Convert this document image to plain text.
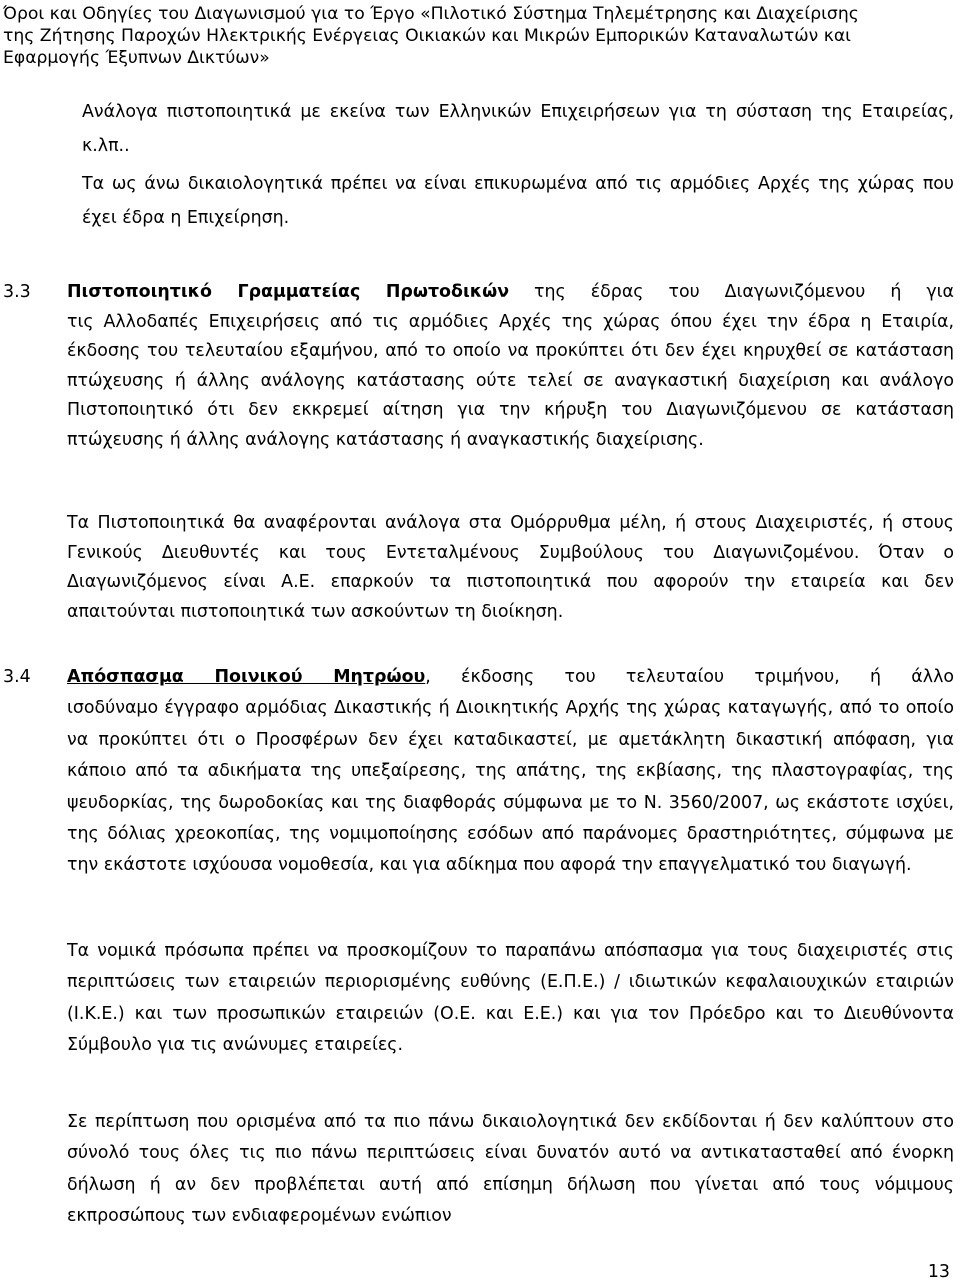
Όροι και Οδηγίες του Διαγωνισμού για το Έργο «Πιλοτικό Σύστημα Τηλεμέτρησης και Διαχείρισης
της Ζήτησης Παροχών Ηλεκτρικής Ενέργειας Οικιακών και Μικρών Εμπορικών Καταναλωτών και
Εφαρμογής Έξυπνων Δικτύων»
Ανάλογα πιστοποιητικά με εκείνα των Ελληνικών Επιχειρήσεων για τη σύσταση της Εταιρείας, κ.λπ..
Τα ως άνω δικαιολογητικά πρέπει να είναι επικυρωμένα από τις αρμόδιες Αρχές της χώρας που έχει έδρα η Επιχείρηση.
3.3	Πιστοποιητικό Γραμματείας Πρωτοδικών της έδρας του Διαγωνιζόμενου ή για
τις Αλλοδαπές Επιχειρήσεις από τις αρμόδιες Αρχές της χώρας όπου έχει την έδρα η Εταιρία, έκδοσης του τελευταίου εξαμήνου, από το οποίο να προκύπτει ότι δεν έχει κηρυχθεί σε κατάσταση πτώχευσης ή άλλης ανάλογης κατάστασης ούτε τελεί σε αναγκαστική διαχείριση και ανάλογο Πιστοποιητικό ότι δεν εκκρεμεί αίτηση για την κήρυξη του Διαγωνιζόμενου σε κατάσταση πτώχευσης ή άλλης ανάλογης κατάστασης ή αναγκαστικής διαχείρισης.
Τα Πιστοποιητικά θα αναφέρονται ανάλογα στα Ομόρρυθμα μέλη, ή στους Διαχειριστές, ή στους Γενικούς Διευθυντές και τους Εντεταλμένους Συμβούλους του Διαγωνιζομένου. Όταν ο Διαγωνιζόμενος είναι Α.Ε. επαρκούν τα πιστοποιητικά που αφορούν την εταιρεία και δεν απαιτούνται πιστοποιητικά των ασκούντων τη διοίκηση.
3.4	Απόσπασμα Ποινικού Μητρώου, έκδοσης του τελευταίου τριμήνου, ή άλλο
ισοδύναμο έγγραφο αρμόδιας Δικαστικής ή Διοικητικής Αρχής της χώρας καταγωγής, από το οποίο να προκύπτει ότι ο Προσφέρων δεν έχει καταδικαστεί, με αμετάκλητη δικαστική απόφαση, για κάποιο από τα αδικήματα της υπεξαίρεσης, της απάτης, της εκβίασης, της πλαστογραφίας, της ψευδορκίας, της δωροδοκίας και της διαφθοράς σύμφωνα με το Ν. 3560/2007, ως εκάστοτε ισχύει, της δόλιας χρεοκοπίας, της νομιμοποίησης εσόδων από παράνομες δραστηριότητες, σύμφωνα με την εκάστοτε ισχύουσα νομοθεσία, και για αδίκημα που αφορά την επαγγελματικό του διαγωγή.
Τα νομικά πρόσωπα πρέπει να προσκομίζουν το παραπάνω απόσπασμα για τους διαχειριστές στις περιπτώσεις των εταιρειών περιορισμένης ευθύνης (Ε.Π.Ε.) / ιδιωτικών κεφαλαιουχικών εταιριών (Ι.Κ.Ε.) και των προσωπικών εταιρειών (Ο.Ε. και Ε.Ε.) και για τον Πρόεδρο και το Διευθύνοντα Σύμβουλο για τις ανώνυμες εταιρείες.
Σε περίπτωση που ορισμένα από τα πιο πάνω δικαιολογητικά δεν εκδίδονται ή δεν καλύπτουν στο σύνολό τους όλες τις πιο πάνω περιπτώσεις είναι δυνατόν αυτό να αντικατασταθεί από ένορκη δήλωση ή αν δεν προβλέπεται αυτή από επίσημη δήλωση που γίνεται από τους νόμιμους εκπροσώπους των ενδιαφερομένων ενώπιον
13
